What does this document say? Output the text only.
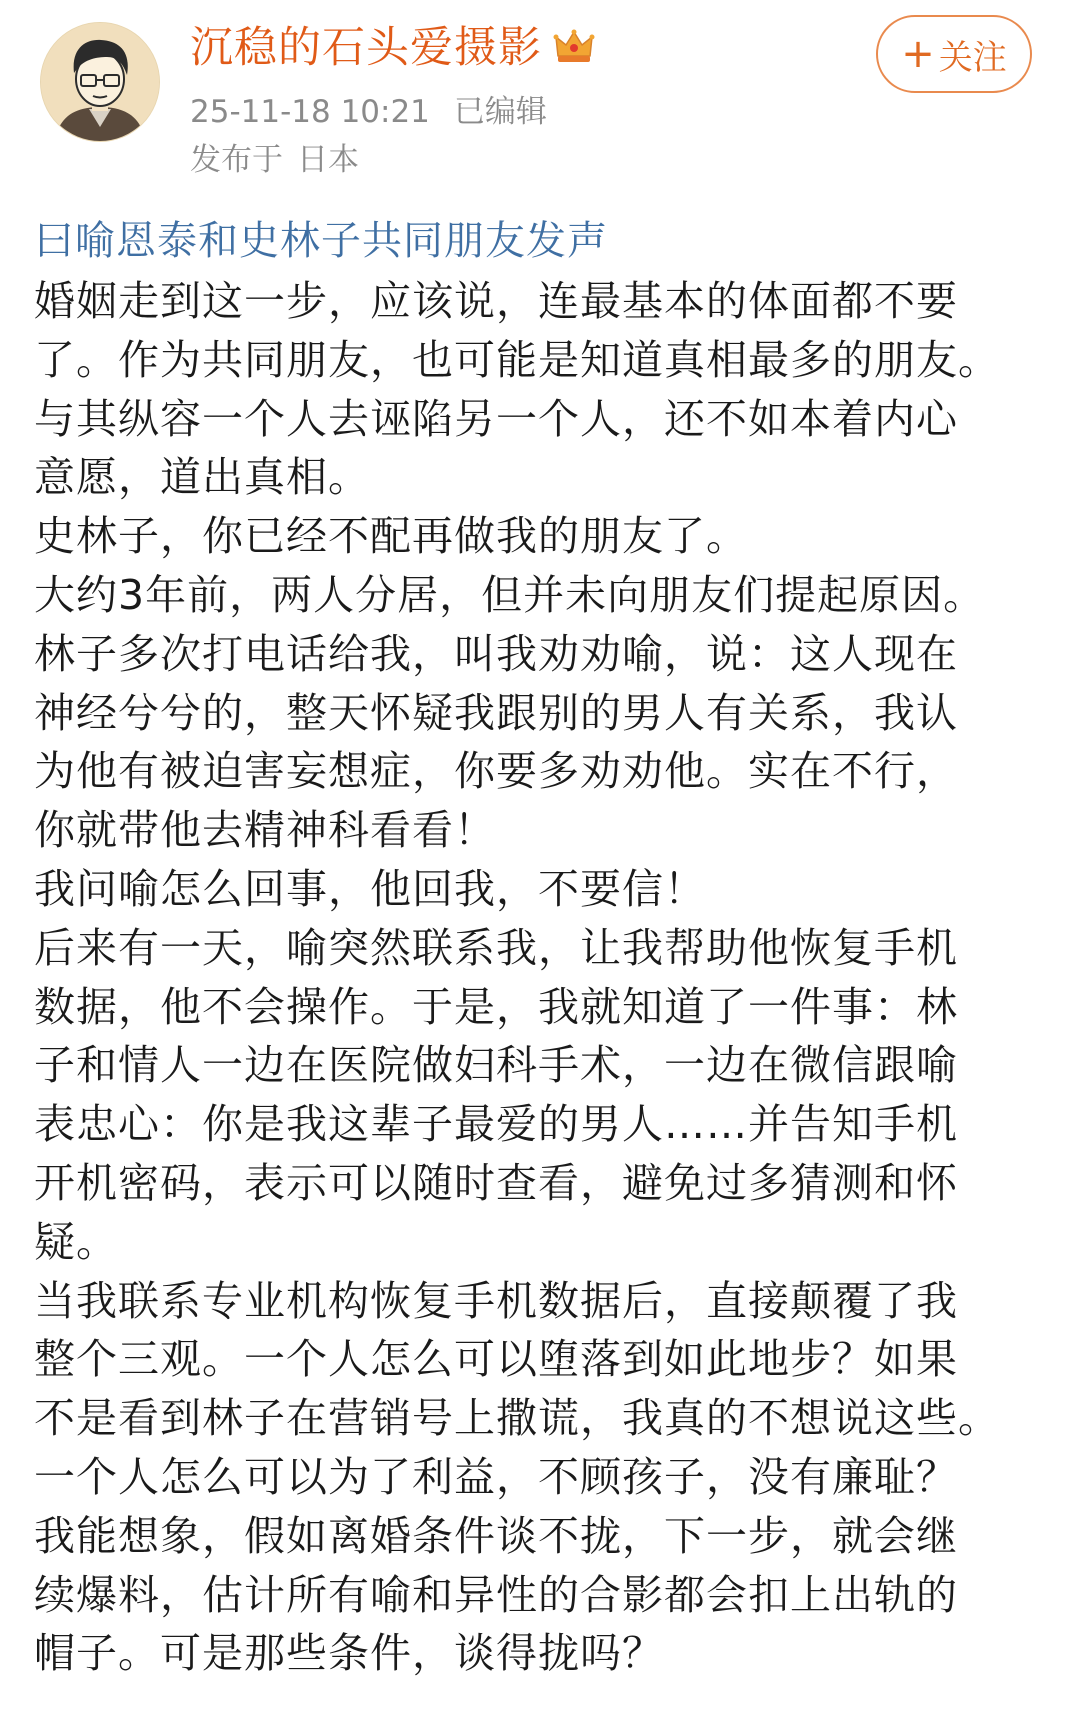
沉稳的石头爱摄影
25-11-18 10:21 已编辑
发布于 日本
+ 关注
曰喻恩泰和史林子共同朋友发声
婚姻走到这一步，应该说，连最基本的体面都不要
了。作为共同朋友，也可能是知道真相最多的朋友。
与其纵容一个人去诬陷另一个人，还不如本着内心
意愿，道出真相。
史林子，你已经不配再做我的朋友了。
大约3年前，两人分居，但并未向朋友们提起原因。
林子多次打电话给我，叫我劝劝喻，说：这人现在
神经兮兮的，整天怀疑我跟别的男人有关系，我认
为他有被迫害妄想症，你要多劝劝他。实在不行，
你就带他去精神科看看！
我问喻怎么回事，他回我，不要信！
后来有一天，喻突然联系我，让我帮助他恢复手机
数据，他不会操作。于是，我就知道了一件事：林
子和情人一边在医院做妇科手术，一边在微信跟喻
表忠心：你是我这辈子最爱的男人……并告知手机
开机密码，表示可以随时查看，避免过多猜测和怀
疑。
当我联系专业机构恢复手机数据后，直接颠覆了我
整个三观。一个人怎么可以堕落到如此地步？如果
不是看到林子在营销号上撒谎，我真的不想说这些。
一个人怎么可以为了利益，不顾孩子，没有廉耻？
我能想象，假如离婚条件谈不拢，下一步，就会继
续爆料，估计所有喻和异性的合影都会扣上出轨的
帽子。可是那些条件，谈得拢吗？
